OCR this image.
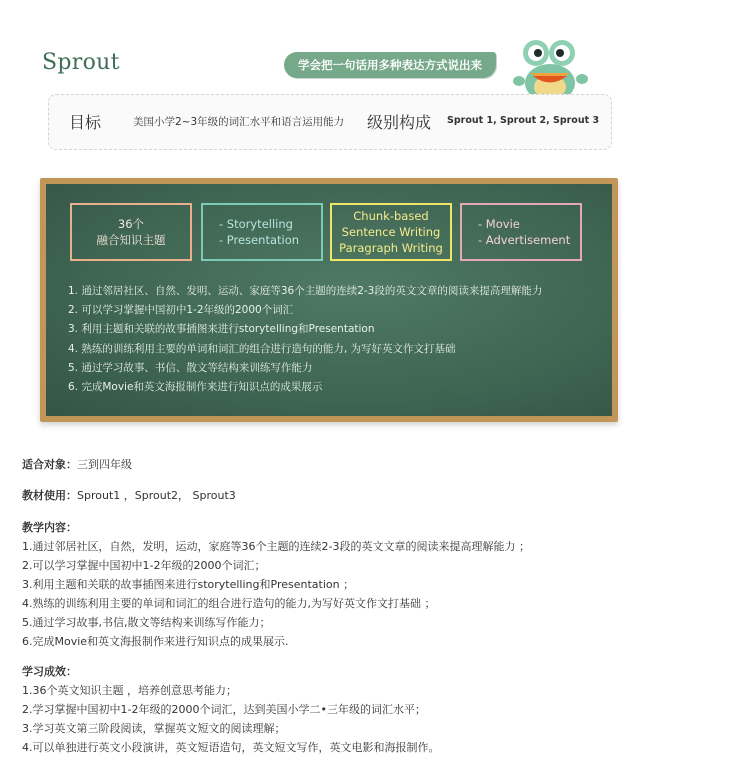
Sprout	学会把一句话用多种表达方式说出来
目标	美国小学2~3年级的词汇水平和语言运用能力 级别构成 Sprout 1, Sprout 2, Sprout 3
36个
融合知识主题
- Storytelling
- Presentation
Chunk-based
Sentence Writing
Paragraph Writing
- Movie
- Advertisement
1. 通过邻居社区、自然、发明、运动、家庭等36个主题的连续2-3段的英文文章的阅读来提高理解能力
2. 可以学习掌握中国初中1-2年级的2000个词汇
3. 利用主题和关联的故事插图来进行storytelling和Presentation
4. 熟练的训练利用主要的单词和词汇的组合进行造句的能力, 为写好英文作文打基础
5. 通过学习故事、书信、散文等结构来训练写作能力
6. 完成Movie和英文海报制作来进行知识点的成果展示
适合对象：三到四年级
教材使用：Sprout1 ，Sprout2， Sprout3
教学内容：
1.通过邻居社区，自然，发明，运动，家庭等36个主题的连续2-3段的英文文章的阅读来提高理解能力 ；
2.可以学习掌握中国初中1-2年级的2000个词汇；
3.利用主题和关联的故事插图来进行storytelling和Presentation ；
4.熟练的训练利用主要的单词和词汇的组合进行造句的能力,为写好英文作文打基础 ；
5.通过学习故事,书信,散文等结构来训练写作能力；
6.完成Movie和英文海报制作来进行知识点的成果展示.
学习成效：
1.36个英文知识主题 ，培养创意思考能力；
2.学习掌握中国初中1-2年级的2000个词汇，达到美国小学二•三年级的词汇水平；
3.学习英文第三阶段阅读，掌握英文短文的阅读理解；
4.可以单独进行英文小段演讲，英文短语造句，英文短文写作，英文电影和海报制作。
